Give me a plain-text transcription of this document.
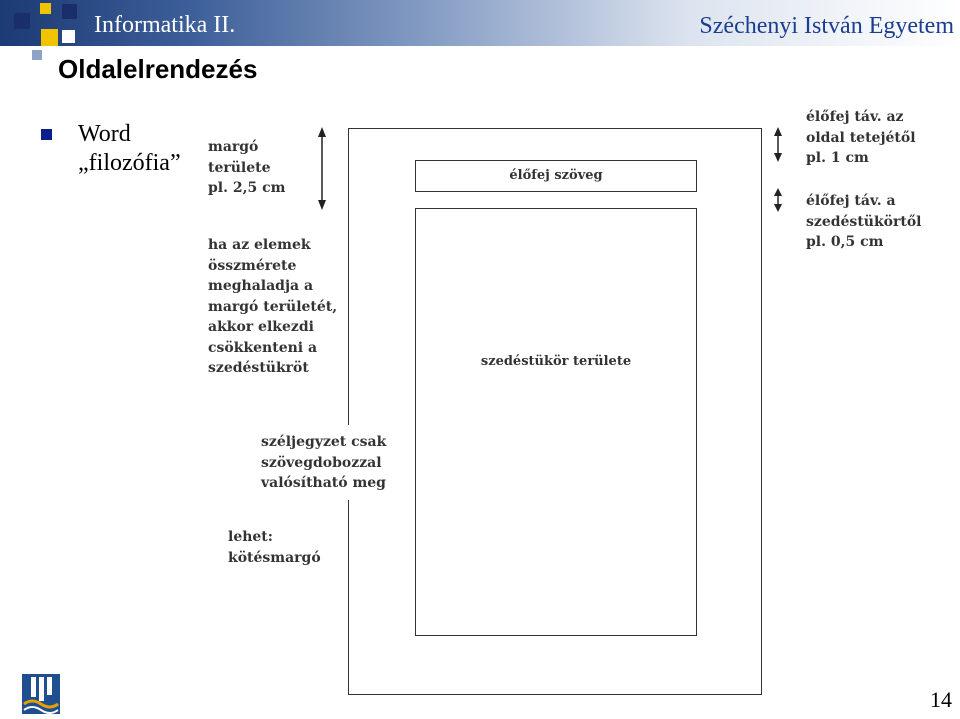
Informatika II.	Széchenyi István Egyetem
Oldalelrendezés
Word
„filozófia”	élőfej szöveg
szedéstükör területe
margó
területe
pl. 2,5 cm
ha az elemek
összmérete
meghaladja a
margó területét,
akkor elkezdi
csökkenteni a
szedéstükröt
széljegyzet csak
szövegdobozzal
valósítható meg
lehet:
kötésmargó
élőfej táv. az
oldal tetejétől
pl. 1 cm
élőfej táv. a
szedéstükörtől
pl. 0,5 cm
14
